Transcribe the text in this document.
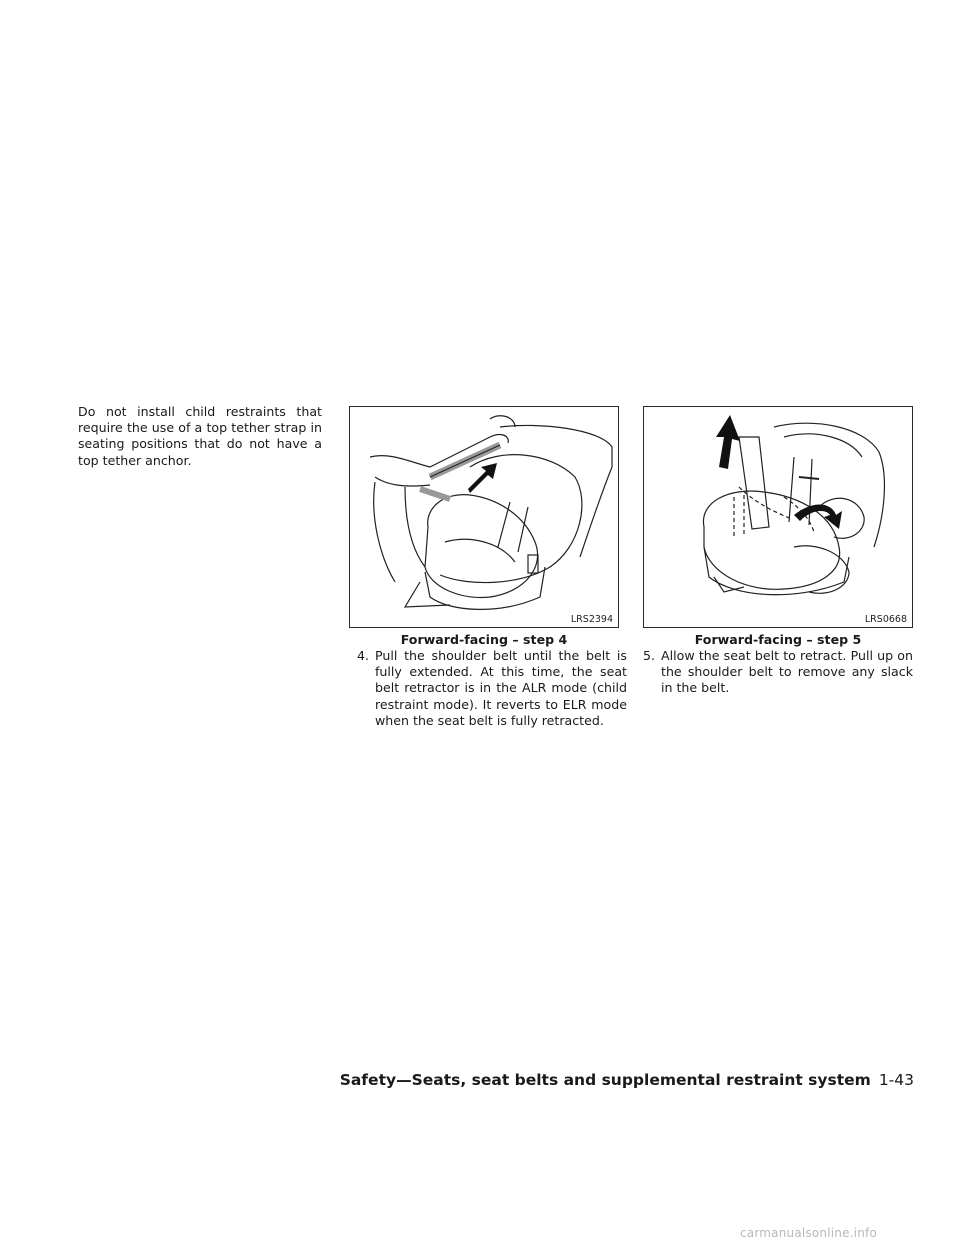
Do not install child restraints that require the use of a top tether strap in seating positions that do not have a top tether anchor.
LRS2394
Forward-facing – step 4
4. Pull the shoulder belt until the belt is fully extended. At this time, the seat belt retractor is in the ALR mode (child restraint mode). It reverts to ELR mode when the seat belt is fully retracted.
LRS0668
Forward-facing – step 5
5. Allow the seat belt to retract. Pull up on the shoulder belt to remove any slack in the belt.
Safety—Seats, seat belts and supplemental restraint system 1-43
carmanualsonline.info
